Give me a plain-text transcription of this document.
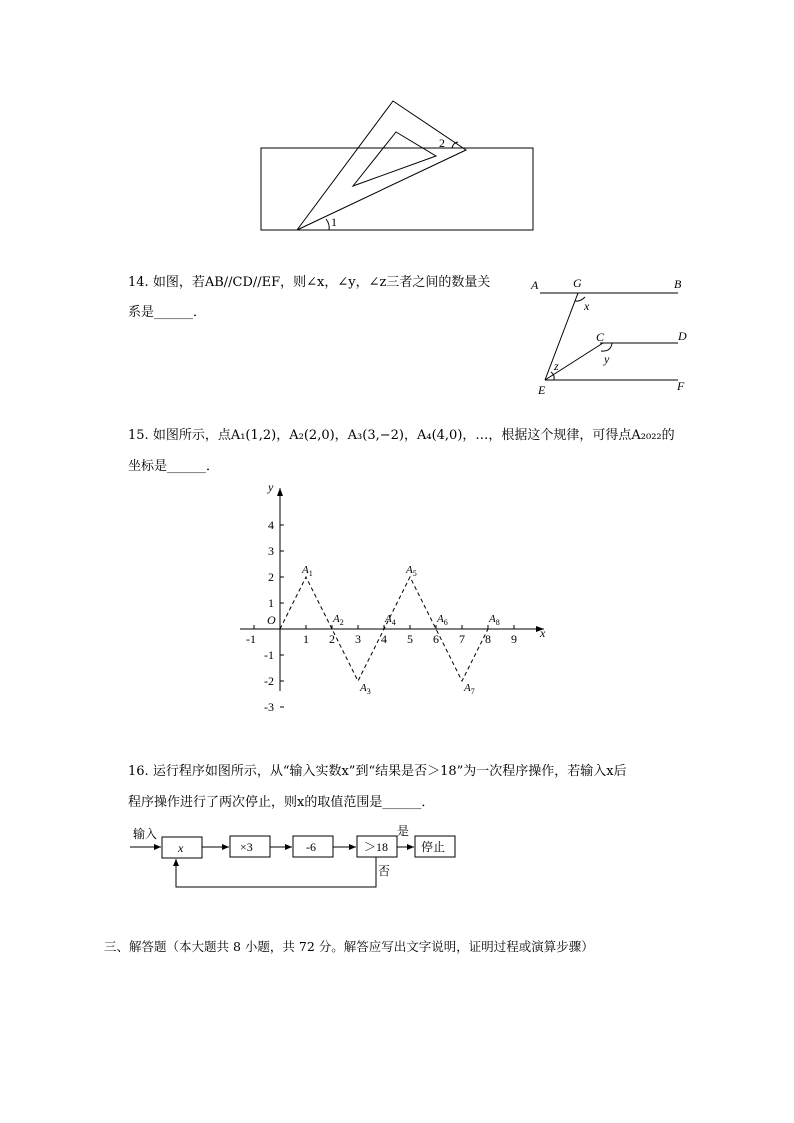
1
2
14. 如图，若AB//CD//EF，则∠x，∠y，∠z三者之间的数量关
系是______．
A	G	B
x
C	D
y
z
E	F
15. 如图所示，点A₁(1,2)，A₂(2,0)，A₃(3,−2)，A₄(4,0)，…，根据这个规律，可得点A₂₀₂₂的
坐标是______．
x
y
O
-1	1 2 3 4 5 6 7 8 9
4
3
2
1
-1
-2
-3
$A_1$
$A_2$
$A_3$
$A_4$
$A_5$
$A_6$
$A_7$
$A_8$
16. 运行程序如图所示，从“输入实数x”到“结果是否＞18”为一次程序操作，若输入x后
程序操作进行了两次停止，则x的取值范围是______．
输入
x	×3	-6	＞18
是
停止
否
三、解答题（本大题共 8 小题，共 72 分。解答应写出文字说明，证明过程或演算步骤）
